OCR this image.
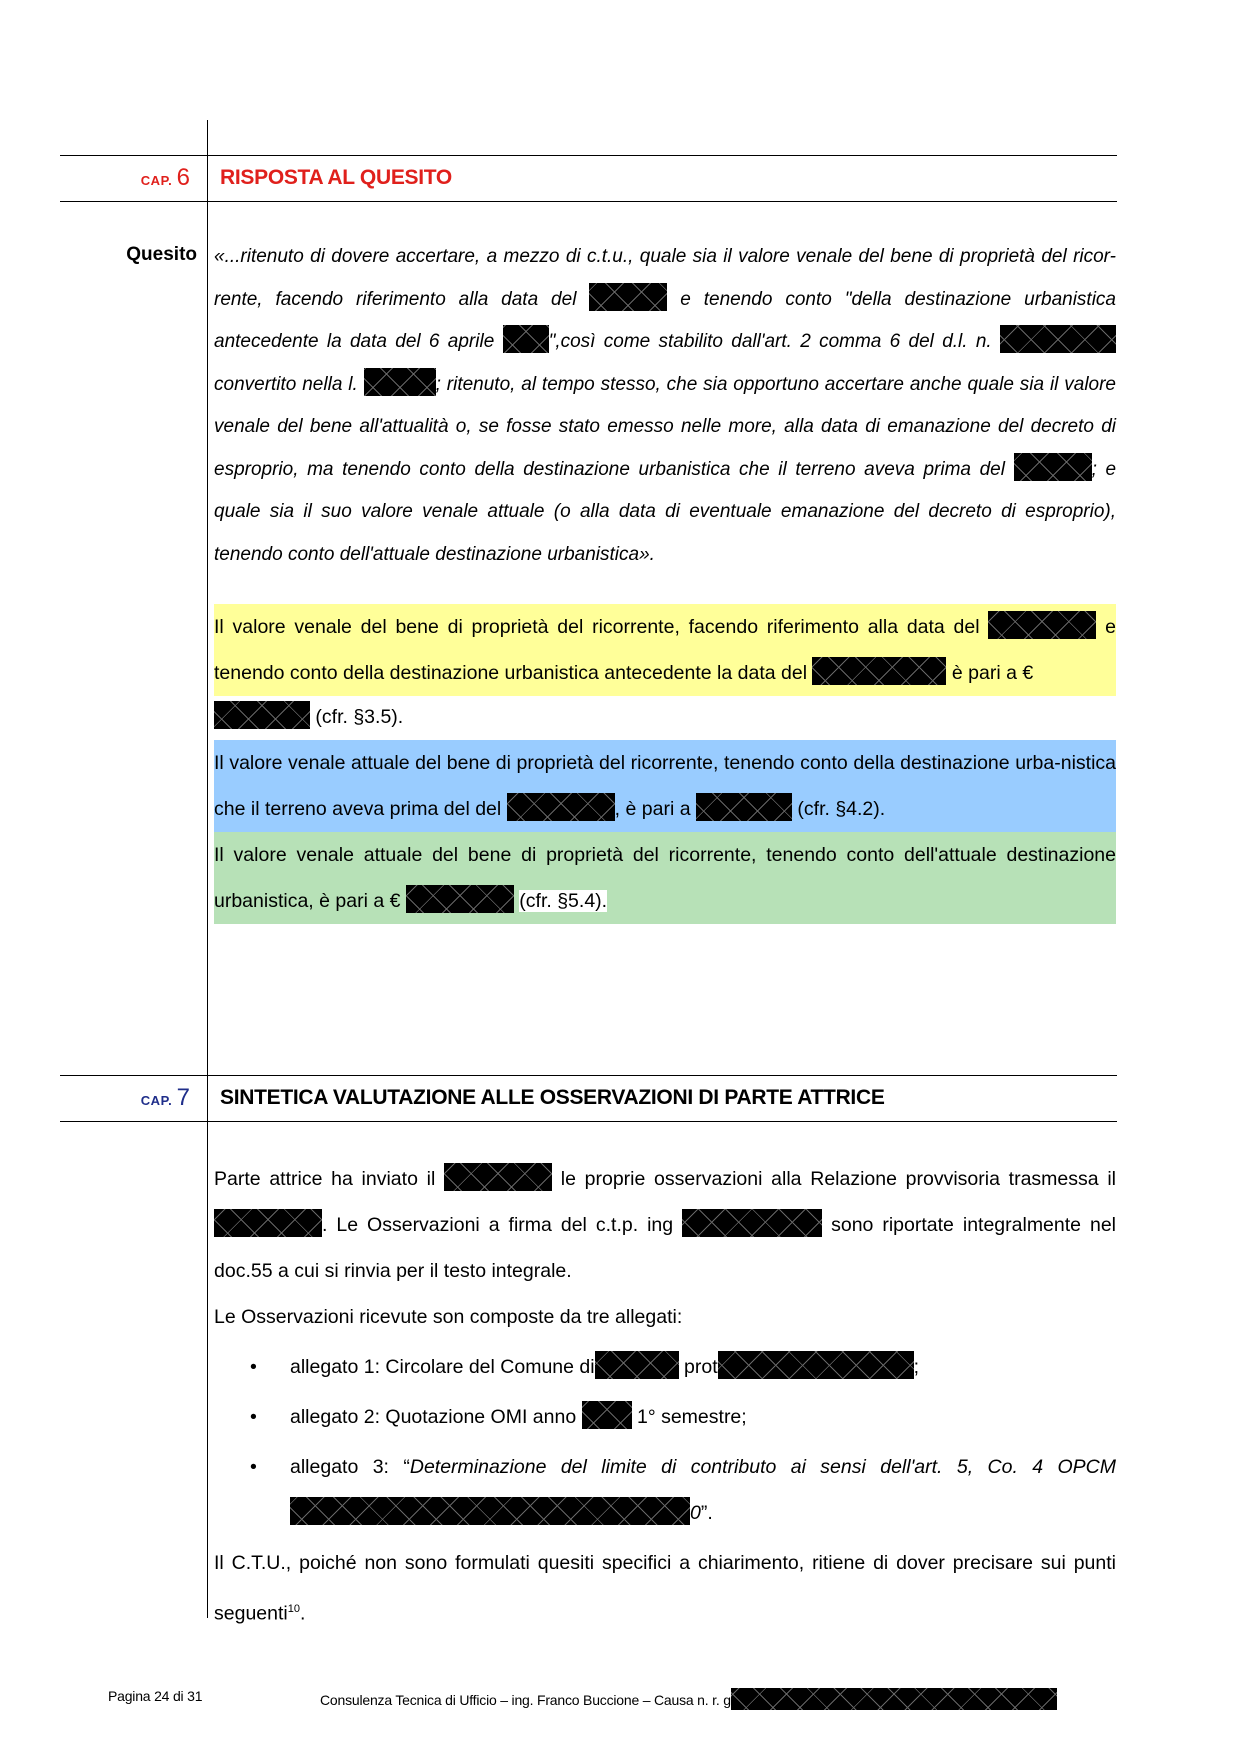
CAP. 6 RISPOSTA AL QUESITO
Quesito «...ritenuto di dovere accertare, a mezzo di c.t.u., quale sia il valore venale del bene di proprietà del ricor-rente, facendo riferimento alla data del	e tenendo conto "della destinazione urbanistica antecedente la data del 6 aprile	",così come stabilito dall'art. 2 comma 6 del d.l. n.  convertito nella l.	; ritenuto, al tempo stesso, che sia opportuno accertare anche quale sia il valore venale del bene all'attualità o, se fosse stato emesso nelle more, alla data di emanazione del decreto di esproprio, ma tenendo conto della destinazione urbanistica che il terreno aveva prima del	; e quale sia il suo valore venale attuale (o alla data di eventuale emanazione del decreto di esproprio), tenendo conto dell'attuale destinazione urbanistica».
Il valore venale del bene di proprietà del ricorrente, facendo riferimento alla data del	e tenendo conto della destinazione urbanistica antecedente la data del	è pari a €
(cfr. §3.5).
Il valore venale attuale del bene di proprietà del ricorrente, tenendo conto della destinazione urba-nistica che il terreno aveva prima del del	, è pari a	(cfr. §4.2).
Il valore venale attuale del bene di proprietà del ricorrente, tenendo conto dell'attuale destinazione urbanistica, è pari a €	(cfr. §5.4).
CAP. 7 SINTETICA VALUTAZIONE ALLE OSSERVAZIONI DI PARTE ATTRICE
Parte attrice ha inviato il	le proprie osservazioni alla Relazione provvisoria trasmessa il . Le Osservazioni a firma del c.t.p. ing	sono riportate integralmente nel doc.55 a cui si rinvia per il testo integrale.
Le Osservazioni ricevute son composte da tre allegati:
• allegato 1: Circolare del Comune di	prot	;
• allegato 2: Quotazione OMI anno	1° semestre;
• allegato 3: “Determinazione del limite di contributo ai sensi dell'art. 5, Co. 4 OPCM 0”.
Il C.T.U., poiché non sono formulati quesiti specifici a chiarimento, ritiene di dover precisare sui punti seguenti$^{10}$.
Pagina 24 di 31	Consulenza Tecnica di Ufficio – ing. Franco Buccione – Causa n. r. g
